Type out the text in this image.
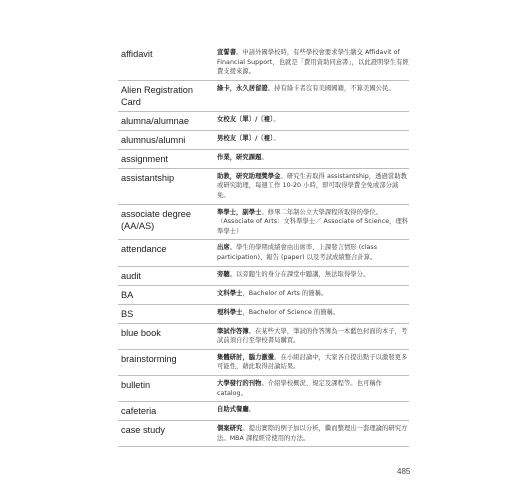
affidavit	宣誓書。申請外國學校時，有些學校會要求學生繳交 Affidavit of Financial Support，也就是「費用資助同意書」，以此證明學生有經費支援來源。
Alien Registration Card	綠卡，永久居留證。持有綠卡者沒有美國國籍，不算美國公民。
alumna/alumnae	女校友〔單〕/〔複〕。
alumnus/alumni	男校友〔單〕/〔複〕。
assignment	作業，研究課題。
assistantship	助教，研究助理獎學金。研究生若取得 assistantship，透過當助教或研究助理，每週工作 10-20 小時，即可取得學費全免或部分減免。
associate degree (AA/AS)	準學士，副學士。修畢二年制公立大學課程所取得的學位。（Associate of Arts：文科準學士／ Associate of Science，理科準學士）
attendance	出席。學生的學期成績會由出席率、上課發言情形 (class participation)、報告 (paper) 以及考試成績整合計算。
audit	旁聽。以旁聽生的身分在課堂中聽講，無法取得學分。
BA	文科學士，Bachelor of Arts 的簡稱。
BS	理科學士，Bachelor of Science 的簡稱。
blue book	筆試作答簿。在某些大學，筆試的作答簿為一本藍色封面的本子，考試前須自行至學校書局購買。
brainstorming	集體研討，腦力激盪。在小組討論中，大家各自提出點子以激發更多可能性，藉此取得討論結果。
bulletin	大學發行的刊物。介紹學校概況、規定及課程等。也可稱作 catalog。
cafeteria	自助式餐廳。
case study	個案研究。提出實際的例子加以分析，繼而整理出一套理論的研究方法。MBA 課程經常使用的方法。
485
